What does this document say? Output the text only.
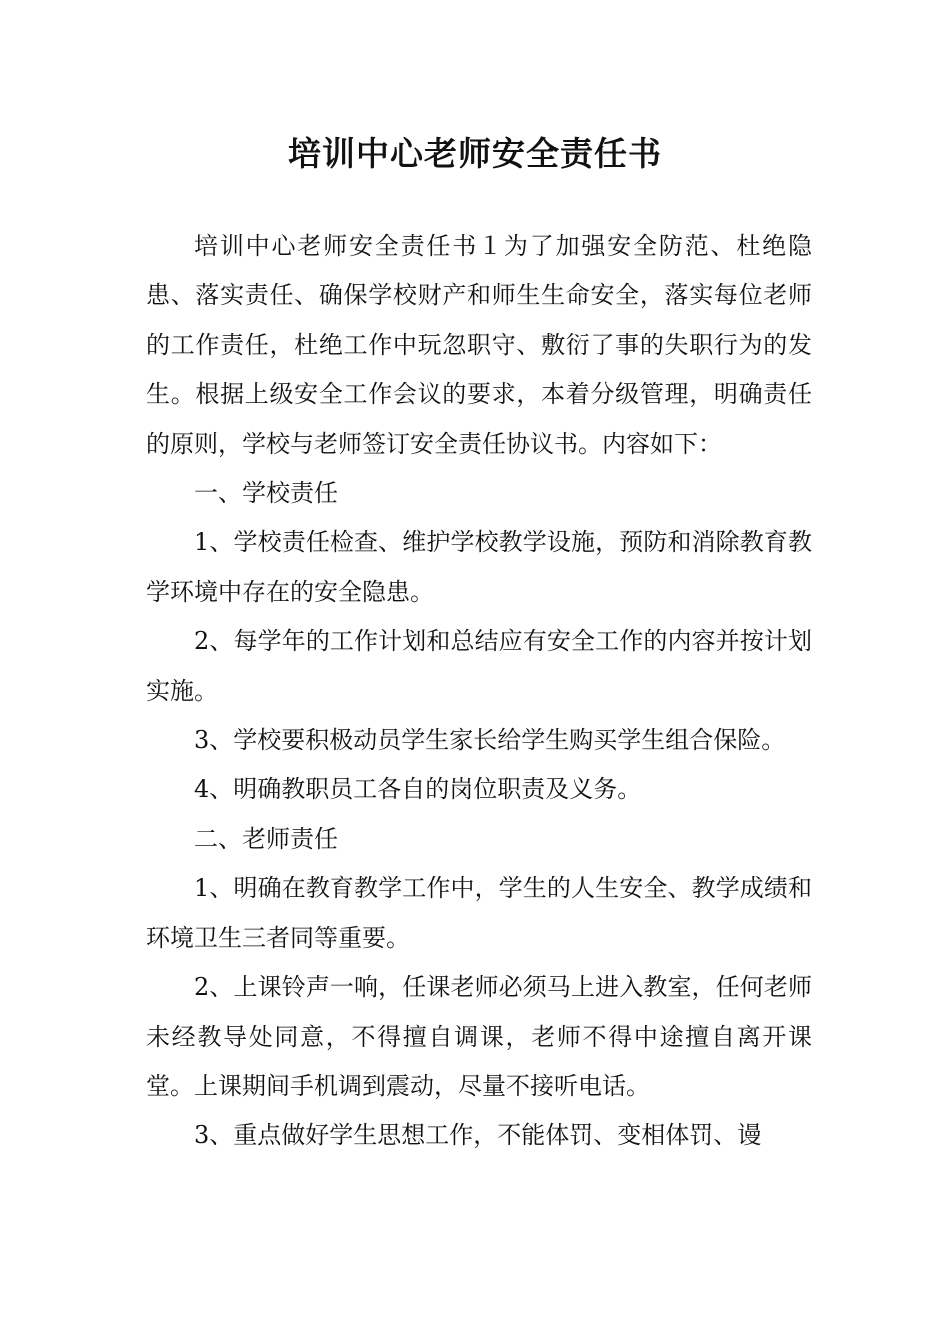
培训中心老师安全责任书

培训中心老师安全责任书１为了加强安全防范、杜绝隐患、落实责任、确保学校财产和师生生命安全，落实每位老师的工作责任，杜绝工作中玩忽职守、敷衍了事的失职行为的发生。根据上级安全工作会议的要求，本着分级管理，明确责任的原则，学校与老师签订安全责任协议书。内容如下：

一、学校责任

1、学校责任检查、维护学校教学设施，预防和消除教育教学环境中存在的安全隐患。

2、每学年的工作计划和总结应有安全工作的内容并按计划实施。

3、学校要积极动员学生家长给学生购买学生组合保险。

4、明确教职员工各自的岗位职责及义务。

二、老师责任

1、明确在教育教学工作中，学生的人生安全、教学成绩和环境卫生三者同等重要。

2、上课铃声一响，任课老师必须马上进入教室，任何老师未经教导处同意，不得擅自调课，老师不得中途擅自离开课堂。上课期间手机调到震动，尽量不接听电话。

3、重点做好学生思想工作，不能体罚、变相体罚、谩
